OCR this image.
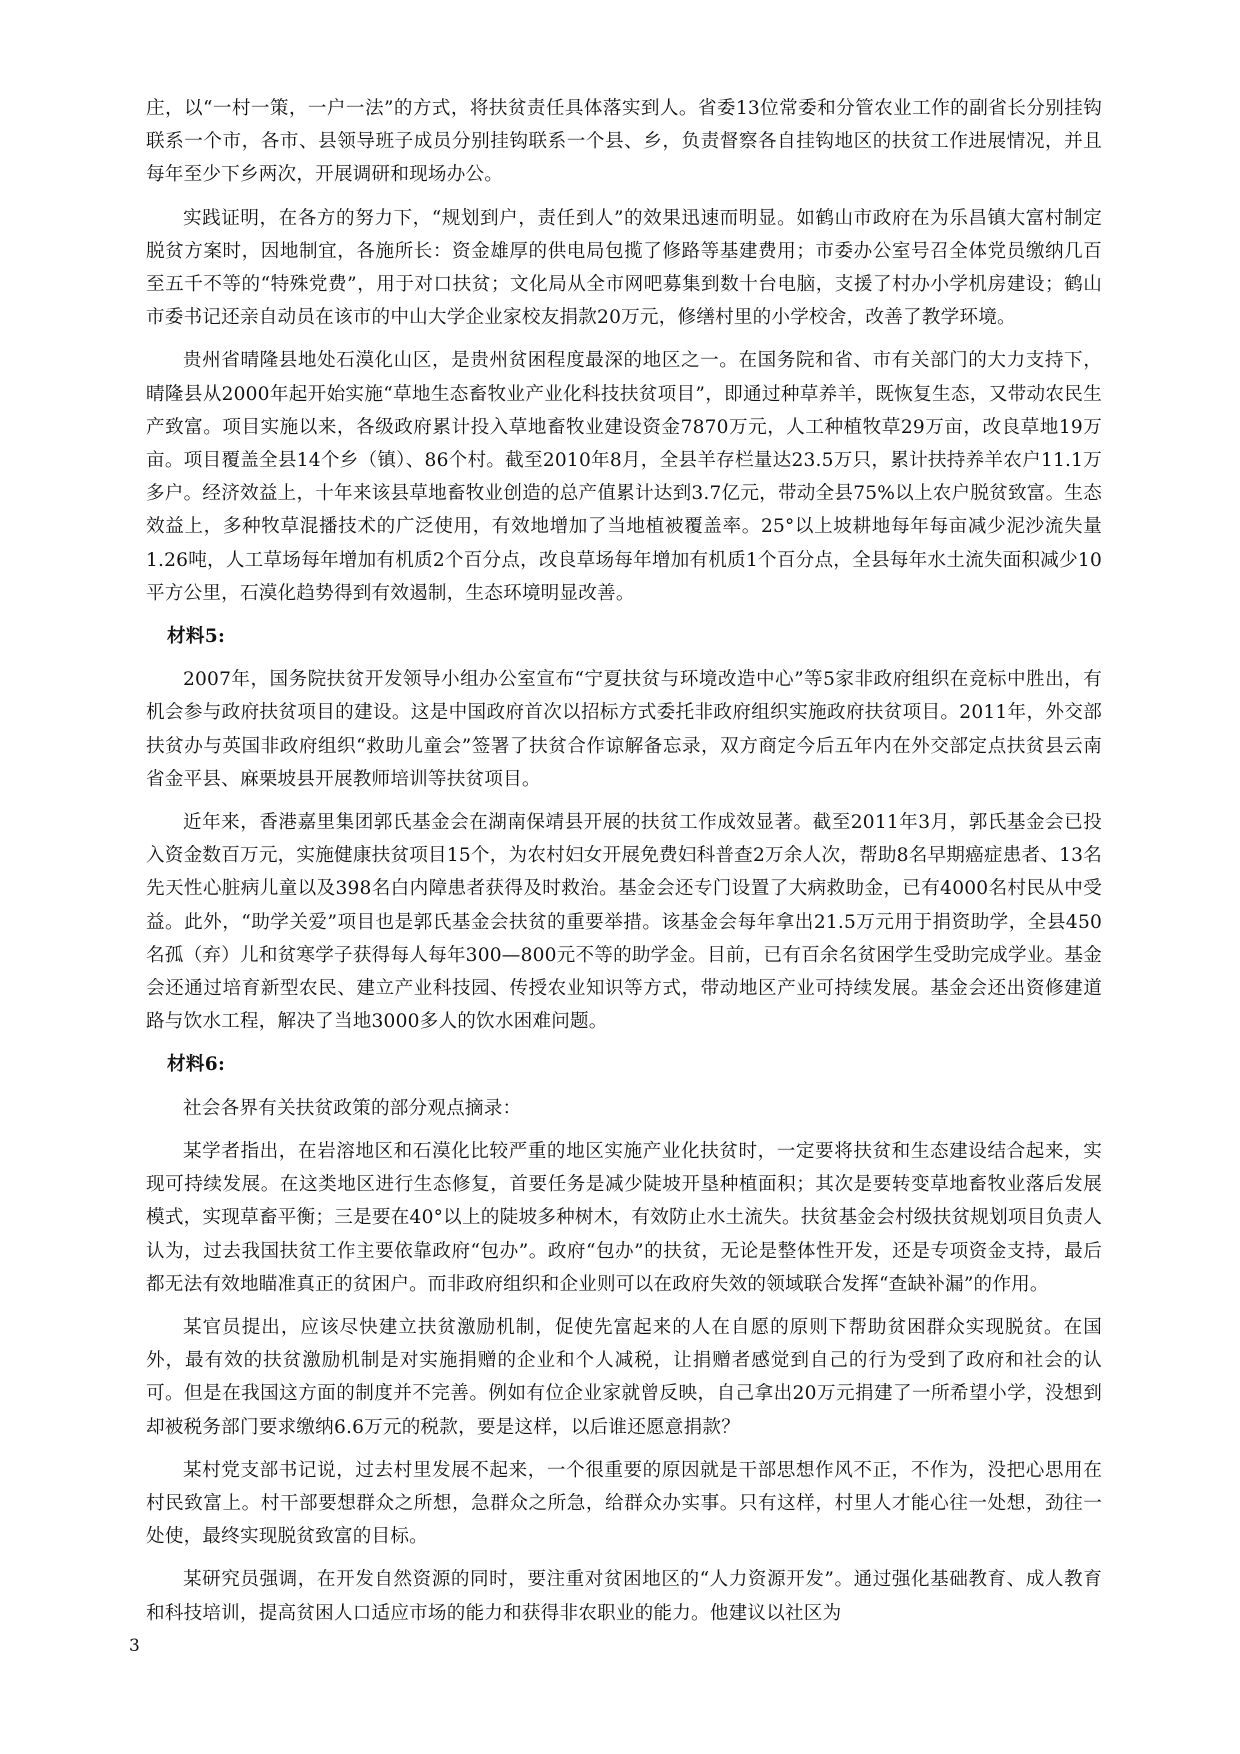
庄，以“一村一策，一户一法”的方式，将扶贫责任具体落实到人。省委13位常委和分管农业工作的副省长分别挂钩联系一个市，各市、县领导班子成员分别挂钩联系一个县、乡，负责督察各自挂钩地区的扶贫工作进展情况，并且每年至少下乡两次，开展调研和现场办公。

实践证明，在各方的努力下，“规划到户，责任到人”的效果迅速而明显。如鹤山市政府在为乐昌镇大富村制定脱贫方案时，因地制宜，各施所长：资金雄厚的供电局包揽了修路等基建费用；市委办公室号召全体党员缴纳几百至五千不等的“特殊党费”，用于对口扶贫；文化局从全市网吧募集到数十台电脑，支援了村办小学机房建设；鹤山市委书记还亲自动员在该市的中山大学企业家校友捐款20万元，修缮村里的小学校舍，改善了教学环境。

贵州省晴隆县地处石漠化山区，是贵州贫困程度最深的地区之一。在国务院和省、市有关部门的大力支持下，晴隆县从2000年起开始实施“草地生态畜牧业产业化科技扶贫项目”，即通过种草养羊，既恢复生态，又带动农民生产致富。项目实施以来，各级政府累计投入草地畜牧业建设资金7870万元，人工种植牧草29万亩，改良草地19万亩。项目覆盖全县14个乡（镇）、86个村。截至2010年8月，全县羊存栏量达23.5万只，累计扶持养羊农户11.1万多户。经济效益上，十年来该县草地畜牧业创造的总产值累计达到3.7亿元，带动全县75%以上农户脱贫致富。生态效益上，多种牧草混播技术的广泛使用，有效地增加了当地植被覆盖率。25°以上坡耕地每年每亩减少泥沙流失量1.26吨，人工草场每年增加有机质2个百分点，改良草场每年增加有机质1个百分点，全县每年水土流失面积减少10平方公里，石漠化趋势得到有效遏制，生态环境明显改善。

材料5:

2007年，国务院扶贫开发领导小组办公室宣布“宁夏扶贫与环境改造中心”等5家非政府组织在竞标中胜出，有机会参与政府扶贫项目的建设。这是中国政府首次以招标方式委托非政府组织实施政府扶贫项目。2011年，外交部扶贫办与英国非政府组织“救助儿童会”签署了扶贫合作谅解备忘录，双方商定今后五年内在外交部定点扶贫县云南省金平县、麻栗坡县开展教师培训等扶贫项目。

近年来，香港嘉里集团郭氏基金会在湖南保靖县开展的扶贫工作成效显著。截至2011年3月，郭氏基金会已投入资金数百万元，实施健康扶贫项目15个，为农村妇女开展免费妇科普查2万余人次，帮助8名早期癌症患者、13名先天性心脏病儿童以及398名白内障患者获得及时救治。基金会还专门设置了大病救助金，已有4000名村民从中受益。此外，“助学关爱”项目也是郭氏基金会扶贫的重要举措。该基金会每年拿出21.5万元用于捐资助学，全县450名孤（弃）儿和贫寒学子获得每人每年300—800元不等的助学金。目前，已有百余名贫困学生受助完成学业。基金会还通过培育新型农民、建立产业科技园、传授农业知识等方式，带动地区产业可持续发展。基金会还出资修建道路与饮水工程，解决了当地3000多人的饮水困难问题。

材料6:

社会各界有关扶贫政策的部分观点摘录：

某学者指出，在岩溶地区和石漠化比较严重的地区实施产业化扶贫时，一定要将扶贫和生态建设结合起来，实现可持续发展。在这类地区进行生态修复，首要任务是减少陡坡开垦种植面积；其次是要转变草地畜牧业落后发展模式，实现草畜平衡；三是要在40°以上的陡坡多种树木，有效防止水土流失。扶贫基金会村级扶贫规划项目负责人认为，过去我国扶贫工作主要依靠政府“包办”。政府“包办”的扶贫，无论是整体性开发，还是专项资金支持，最后都无法有效地瞄准真正的贫困户。而非政府组织和企业则可以在政府失效的领域联合发挥“查缺补漏”的作用。

某官员提出，应该尽快建立扶贫激励机制，促使先富起来的人在自愿的原则下帮助贫困群众实现脱贫。在国外，最有效的扶贫激励机制是对实施捐赠的企业和个人减税，让捐赠者感觉到自己的行为受到了政府和社会的认可。但是在我国这方面的制度并不完善。例如有位企业家就曾反映，自己拿出20万元捐建了一所希望小学，没想到却被税务部门要求缴纳6.6万元的税款，要是这样，以后谁还愿意捐款？

某村党支部书记说，过去村里发展不起来，一个很重要的原因就是干部思想作风不正，不作为，没把心思用在村民致富上。村干部要想群众之所想，急群众之所急，给群众办实事。只有这样，村里人才能心往一处想，劲往一处使，最终实现脱贫致富的目标。

某研究员强调，在开发自然资源的同时，要注重对贫困地区的“人力资源开发”。通过强化基础教育、成人教育和科技培训，提高贫困人口适应市场的能力和获得非农职业的能力。他建议以社区为

3
